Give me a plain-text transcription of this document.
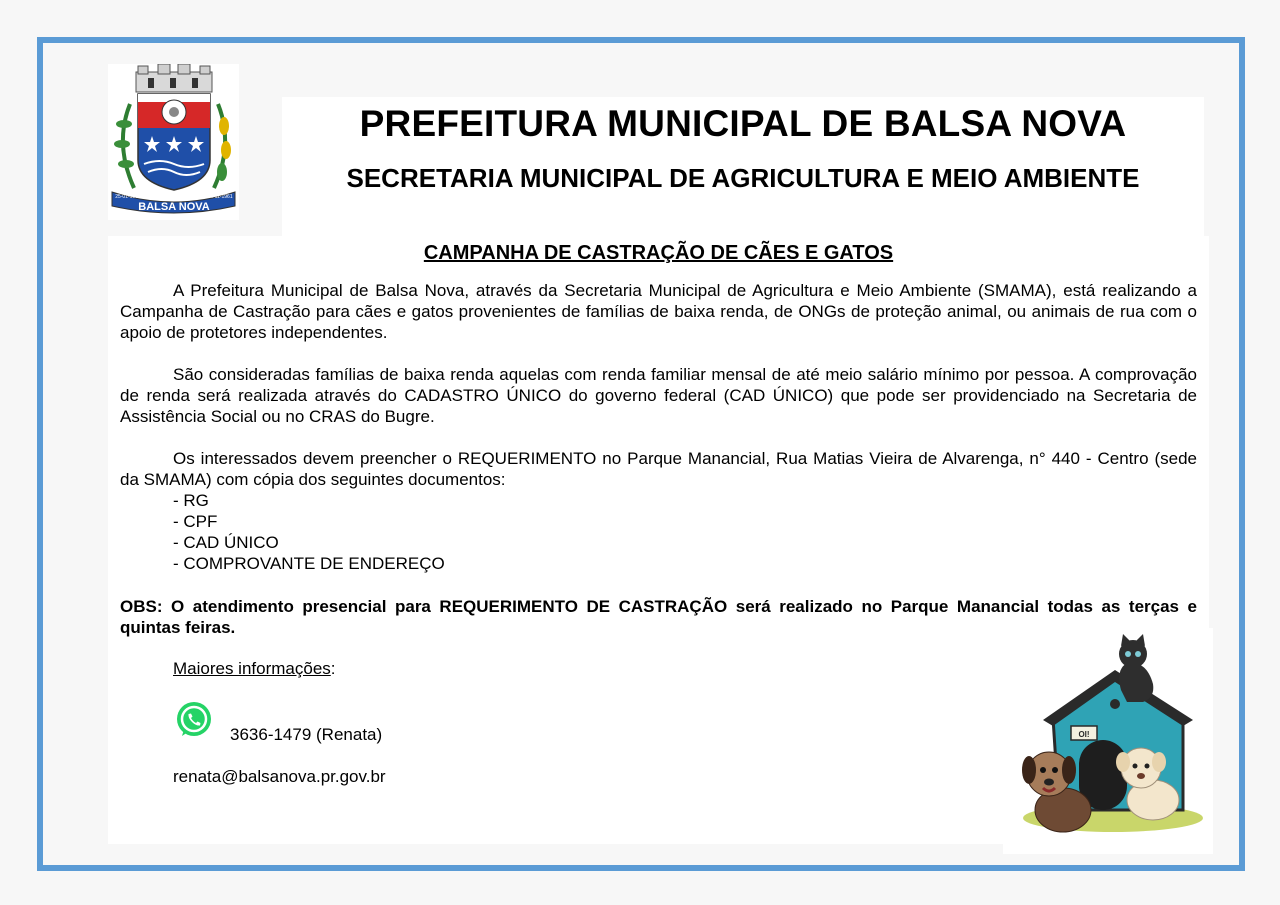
BALSA NOVA
25-01-1961	04-11-1961
PREFEITURA MUNICIPAL DE BALSA NOVA
SECRETARIA MUNICIPAL DE AGRICULTURA E MEIO AMBIENTE
CAMPANHA DE CASTRAÇÃO DE CÃES E GATOS

A Prefeitura Municipal de Balsa Nova, através da Secretaria Municipal de Agricultura e Meio Ambiente (SMAMA), está realizando a Campanha de Castração para cães e gatos provenientes de famílias de baixa renda, de ONGs de proteção animal, ou animais de rua com o apoio de protetores independentes.

São consideradas famílias de baixa renda aquelas com renda familiar mensal de até meio salário mínimo por pessoa. A comprovação de renda será realizada através do CADASTRO ÚNICO do governo federal (CAD ÚNICO) que pode ser providenciado na Secretaria de Assistência Social ou no CRAS do Bugre.

Os interessados devem preencher o REQUERIMENTO no Parque Manancial, Rua Matias Vieira de Alvarenga, n° 440 - Centro (sede da SMAMA) com cópia dos seguintes documentos:

- RG
- CPF
- CAD ÚNICO
- COMPROVANTE DE ENDEREÇO
OBS: O atendimento presencial para REQUERIMENTO DE CASTRAÇÃO será realizado no Parque Manancial todas as terças e quintas feiras.
Maiores informações:
3636-1479 (Renata)
renata@balsanova.pr.gov.br
OI!
